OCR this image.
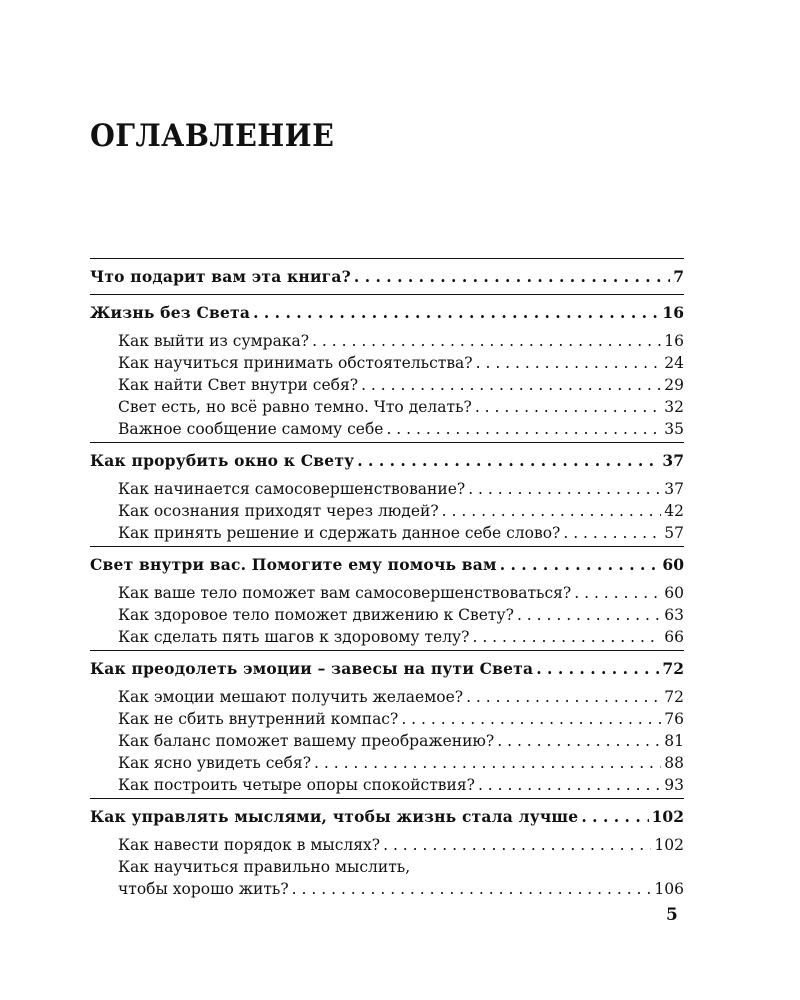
ОГЛАВЛЕНИЕ
Что подарит вам эта книга? . . .	7
Жизнь без Света . . .	16
Как выйти из сумрака? . . .	16
Как научиться принимать обстоятельства? . . .	24
Как найти Свет внутри себя? . . .	29
Свет есть, но всё равно темно. Что делать? . . .	32
Важное сообщение самому себе . . .	35
Как прорубить окно к Свету . . .	37
Как начинается самосовершенствование? . . .	37
Как осознания приходят через людей? . . .	42
Как принять решение и сдержать данное себе слово? . . .	57
Свет внутри вас. Помогите ему помочь вам . . .	60
Как ваше тело поможет вам самосовершенствоваться? . . .	60
Как здоровое тело поможет движению к Свету? . . .	63
Как сделать пять шагов к здоровому телу? . . .	66
Как преодолеть эмоции – завесы на пути Света . . .	72
Как эмоции мешают получить желаемое? . . .	72
Как не сбить внутренний компас? . . .	76
Как баланс поможет вашему преображению? . . .	81
Как ясно увидеть себя? . . .	88
Как построить четыре опоры спокойствия? . . .	93
Как управлять мыслями, чтобы жизнь стала лучше . . .	102
Как навести порядок в мыслях? . . .	102
Как научиться правильно мыслить,
чтобы хорошо жить? . . .	106
5
